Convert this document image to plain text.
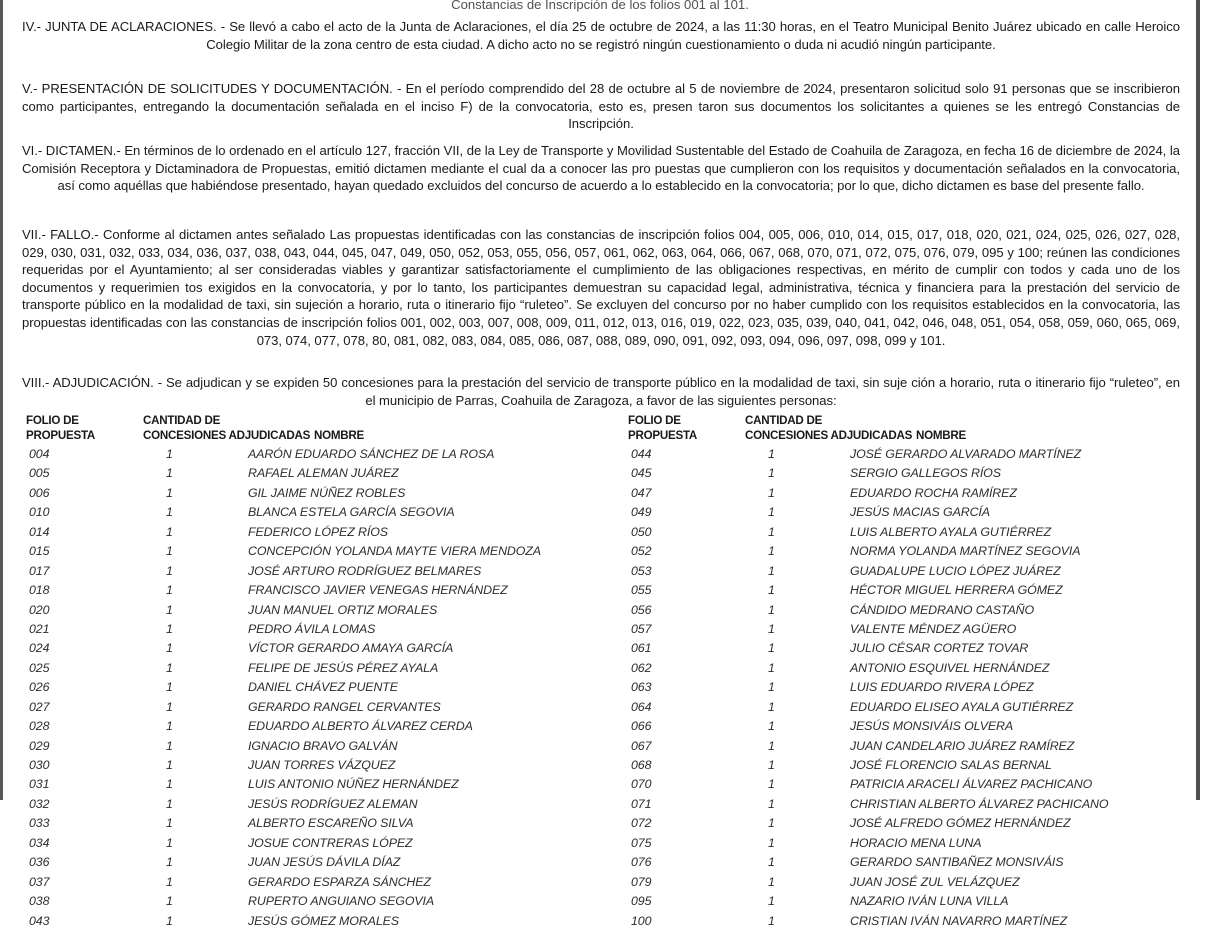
Constancias de Inscripción de los folios 001 al 101.
IV.- JUNTA DE ACLARACIONES. - Se llevó a cabo el acto de la Junta de Aclaraciones, el día 25 de octubre de 2024, a las 11:30 horas, en el Teatro Municipal Benito Juárez ubicado en calle Heroico Colegio Militar de la zona centro de esta ciudad. A dicho acto no se registró ningún cuestionamiento o duda ni acudió ningún participante.
V.- PRESENTACIÓN DE SOLICITUDES Y DOCUMENTACIÓN. - En el período comprendido del 28 de octubre al 5 de noviembre de 2024, presentaron solicitud solo 91 personas que se inscribieron como participantes, entregando la documentación señalada en el inciso F) de la convocatoria, esto es, presen taron sus documentos los solicitantes a quienes se les entregó Constancias de Inscripción.
VI.- DICTAMEN.- En términos de lo ordenado en el artículo 127, fracción VII, de la Ley de Transporte y Movilidad Sustentable del Estado de Coahuila de Zaragoza, en fecha 16 de diciembre de 2024, la Comisión Receptora y Dictaminadora de Propuestas, emitió dictamen mediante el cual da a conocer las pro puestas que cumplieron con los requisitos y documentación señalados en la convocatoria, así como aquéllas que habiéndose presentado, hayan quedado excluidos del concurso de acuerdo a lo establecido en la convocatoria; por lo que, dicho dictamen es base del presente fallo.
VII.- FALLO.- Conforme al dictamen antes señalado Las propuestas identificadas con las constancias de inscripción folios 004, 005, 006, 010, 014, 015, 017, 018, 020, 021, 024, 025, 026, 027, 028, 029, 030, 031, 032, 033, 034, 036, 037, 038, 043, 044, 045, 047, 049, 050, 052, 053, 055, 056, 057, 061, 062, 063, 064, 066, 067, 068, 070, 071, 072, 075, 076, 079, 095 y 100; reúnen las condiciones requeridas por el Ayuntamiento; al ser consideradas viables y garantizar satisfactoriamente el cumplimiento de las obligaciones respectivas, en mérito de cumplir con todos y cada uno de los documentos y requerimien tos exigidos en la convocatoria, y por lo tanto, los participantes demuestran su capacidad legal, administrativa, técnica y financiera para la prestación del servicio de transporte público en la modalidad de taxi, sin sujeción a horario, ruta o itinerario fijo “ruleteo”. Se excluyen del concurso por no haber cumplido con los requisitos establecidos en la convocatoria, las propuestas identificadas con las constancias de inscripción folios 001, 002, 003, 007, 008, 009, 011, 012, 013, 016, 019, 022, 023, 035, 039, 040, 041, 042, 046, 048, 051, 054, 058, 059, 060, 065, 069, 073, 074, 077, 078, 80, 081, 082, 083, 084, 085, 086, 087, 088, 089, 090, 091, 092, 093, 094, 096, 097, 098, 099 y 101.
VIII.- ADJUDICACIÓN. - Se adjudican y se expiden 50 concesiones para la prestación del servicio de transporte público en la modalidad de taxi, sin suje ción a horario, ruta o itinerario fijo “ruleteo”, en el municipio de Parras, Coahuila de Zaragoza, a favor de las siguientes personas:
FOLIO DE
PROPUESTA
CANTIDAD DE
CONCESIONES ADJUDICADAS NOMBRE
004	1	AARÓN EDUARDO SÁNCHEZ DE LA ROSA
005	1	RAFAEL ALEMAN JUÁREZ
006	1	GIL JAIME NÚÑEZ ROBLES
010	1	BLANCA ESTELA GARCÍA SEGOVIA
014	1	FEDERICO LÓPEZ RÍOS
015	1	CONCEPCIÓN YOLANDA MAYTE VIERA MENDOZA
017	1	JOSÉ ARTURO RODRÍGUEZ BELMARES
018	1	FRANCISCO JAVIER VENEGAS HERNÁNDEZ
020	1	JUAN MANUEL ORTIZ MORALES
021	1	PEDRO ÁVILA LOMAS
024	1	VÍCTOR GERARDO AMAYA GARCÍA
025	1	FELIPE DE JESÚS PÉREZ AYALA
026	1	DANIEL CHÁVEZ PUENTE
027	1	GERARDO RANGEL CERVANTES
028	1	EDUARDO ALBERTO ÁLVAREZ CERDA
029	1	IGNACIO BRAVO GALVÁN
030	1	JUAN TORRES VÁZQUEZ
031	1	LUIS ANTONIO NÚÑEZ HERNÁNDEZ
032	1	JESÚS RODRÍGUEZ ALEMAN
033	1	ALBERTO ESCAREÑO SILVA
034	1	JOSUE CONTRERAS LÓPEZ
036	1	JUAN JESÚS DÁVILA DÍAZ
037	1	GERARDO ESPARZA SÁNCHEZ
038	1	RUPERTO ANGUIANO SEGOVIA
043	1	JESÚS GÓMEZ MORALES
FOLIO DE
PROPUESTA
CANTIDAD DE
CONCESIONES ADJUDICADAS NOMBRE
044	1	JOSÉ GERARDO ALVARADO MARTÍNEZ
045	1	SERGIO GALLEGOS RÍOS
047	1	EDUARDO ROCHA RAMÍREZ
049	1	JESÚS MACIAS GARCÍA
050	1	LUIS ALBERTO AYALA GUTIÉRREZ
052	1	NORMA YOLANDA MARTÍNEZ SEGOVIA
053	1	GUADALUPE LUCIO LÓPEZ JUÁREZ
055	1	HÉCTOR MIGUEL HERRERA GÓMEZ
056	1	CÁNDIDO MEDRANO CASTAÑO
057	1	VALENTE MÉNDEZ AGÜERO
061	1	JULIO CÉSAR CORTEZ TOVAR
062	1	ANTONIO ESQUIVEL HERNÁNDEZ
063	1	LUIS EDUARDO RIVERA LÓPEZ
064	1	EDUARDO ELISEO AYALA GUTIÉRREZ
066	1	JESÚS MONSIVÁIS OLVERA
067	1	JUAN CANDELARIO JUÁREZ RAMÍREZ
068	1	JOSÉ FLORENCIO SALAS BERNAL
070	1	PATRICIA ARACELI ÁLVAREZ PACHICANO
071	1	CHRISTIAN ALBERTO ÁLVAREZ PACHICANO
072	1	JOSÉ ALFREDO GÓMEZ HERNÁNDEZ
075	1	HORACIO MENA LUNA
076	1	GERARDO SANTIBAÑEZ MONSIVÁIS
079	1	JUAN JOSÉ ZUL VELÁZQUEZ
095	1	NAZARIO IVÁN LUNA VILLA
100	1	CRISTIAN IVÁN NAVARRO MARTÍNEZ
